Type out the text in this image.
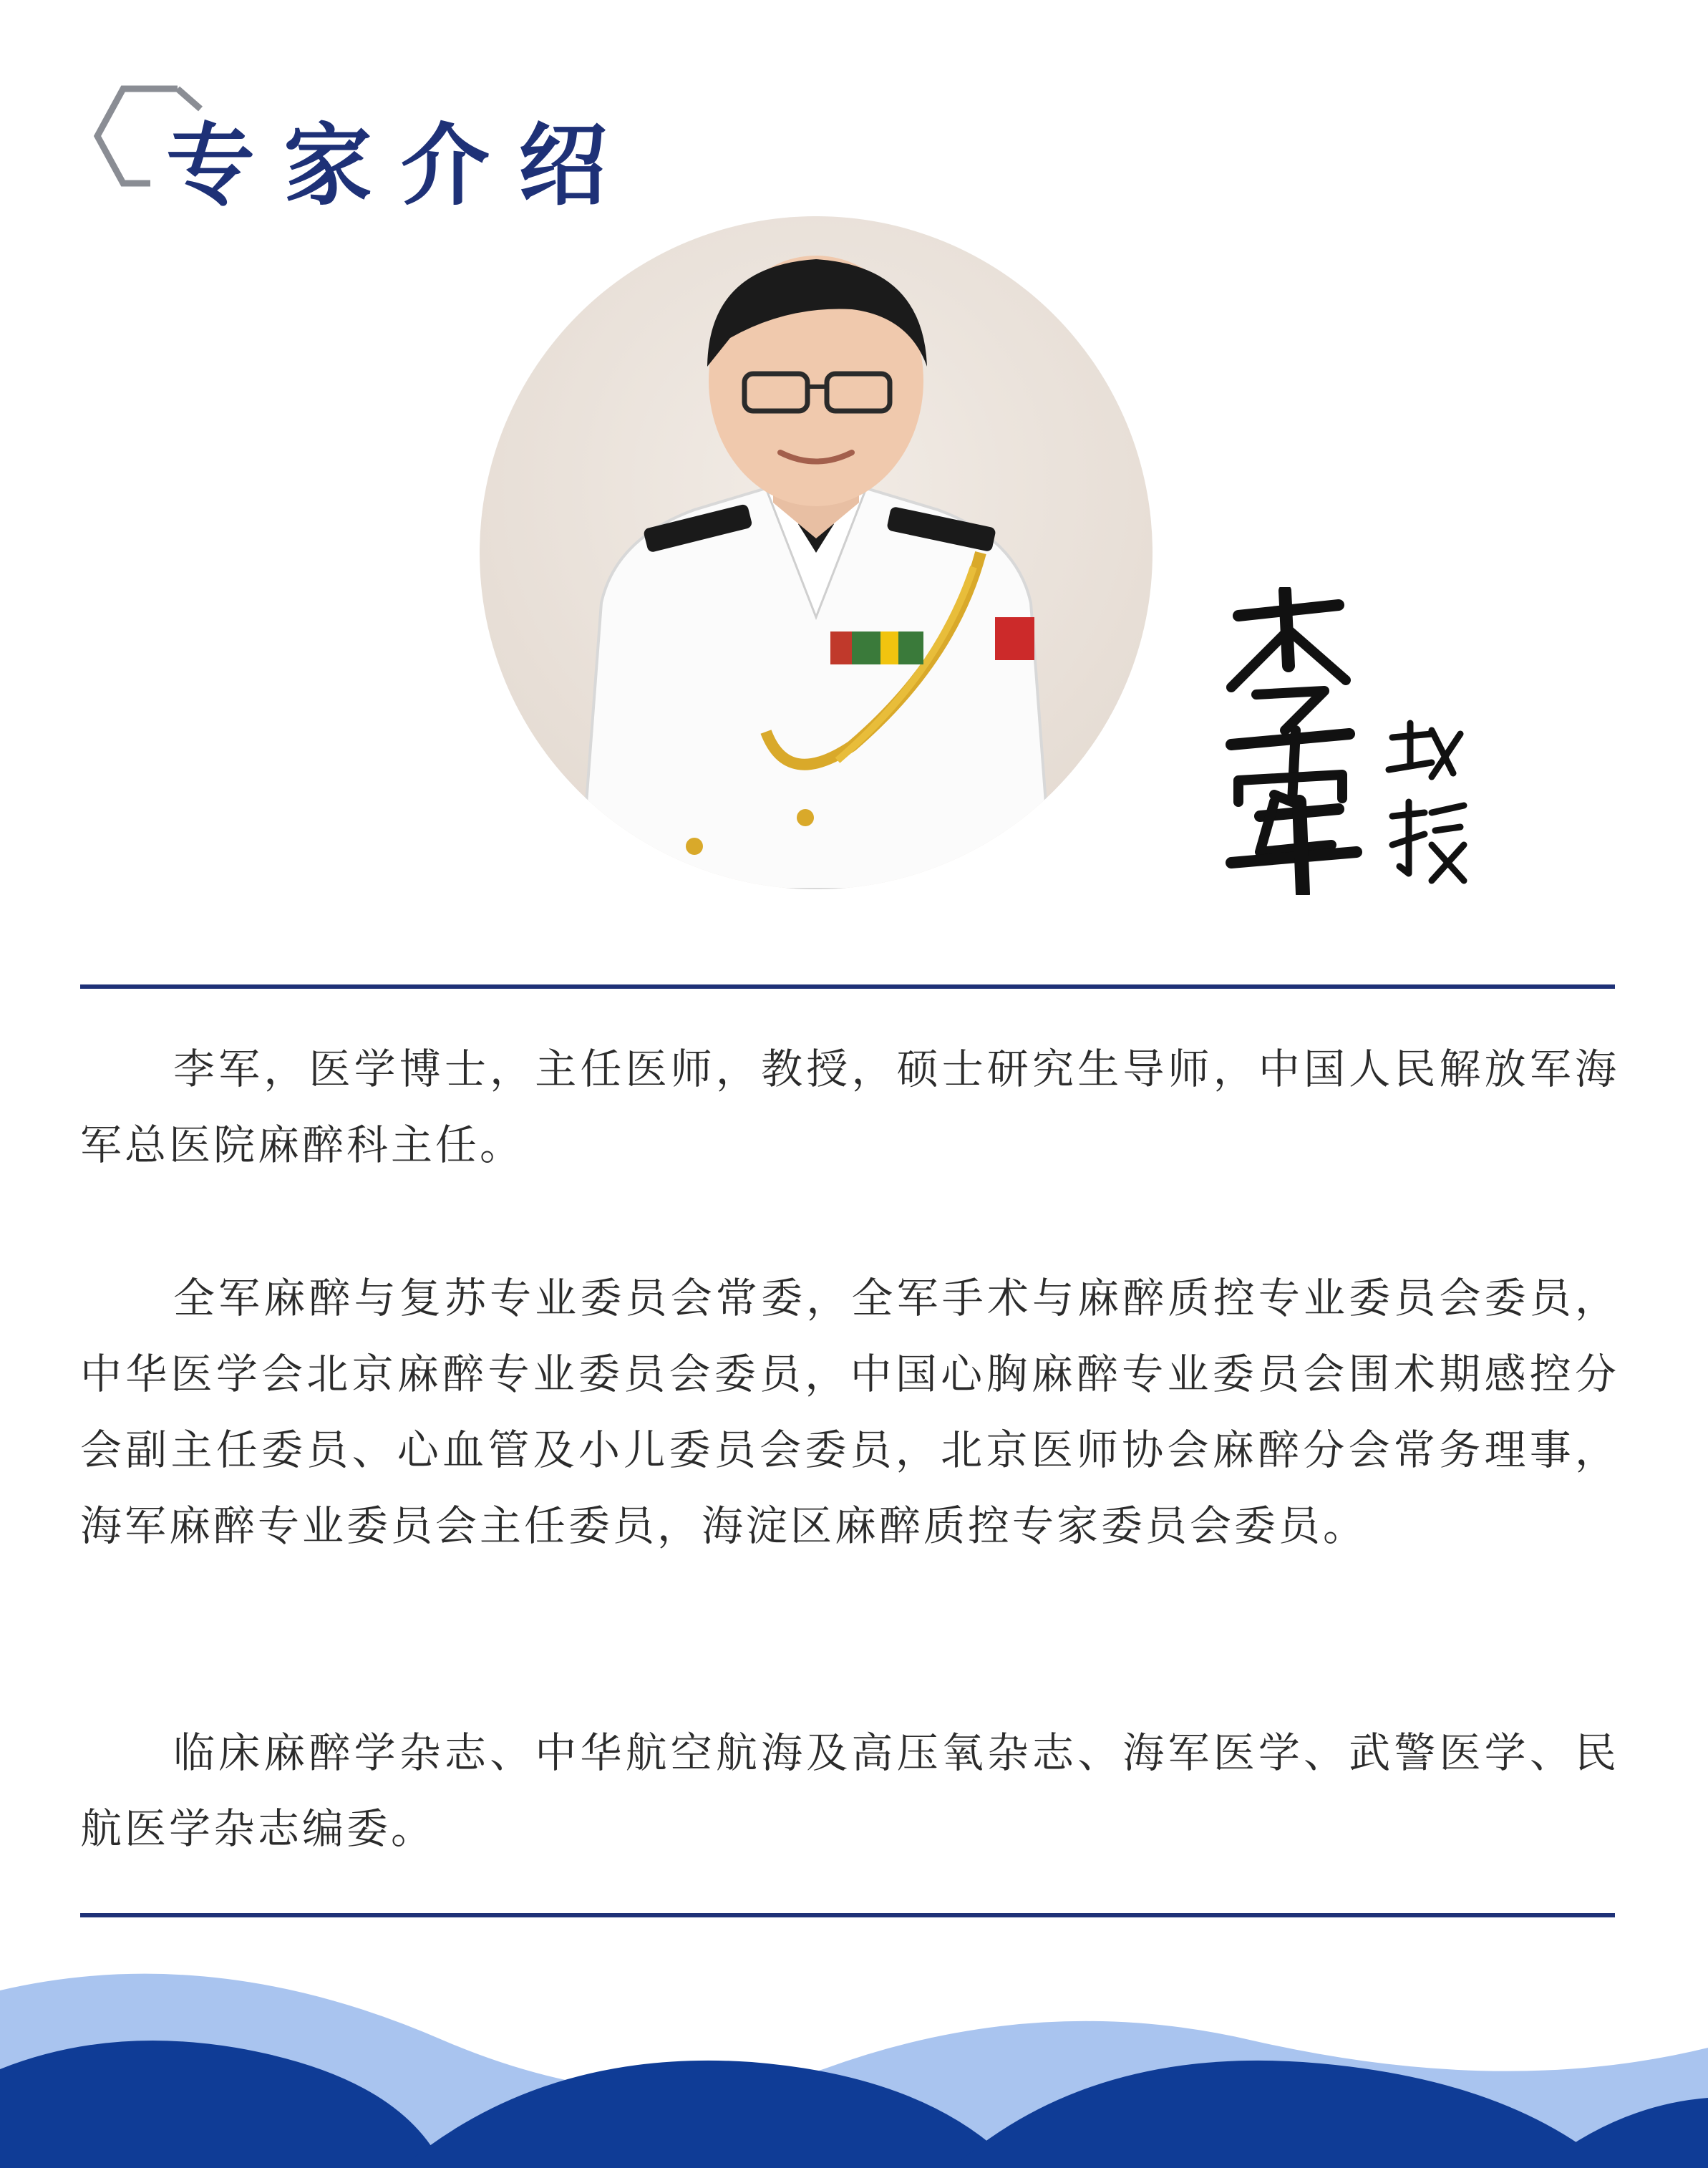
专家介绍

李军，医学博士，主任医师，教授，硕士研究生导师，中国人民解放军海军总医院麻醉科主任。

全军麻醉与复苏专业委员会常委，全军手术与麻醉质控专业委员会委员，中华医学会北京麻醉专业委员会委员，中国心胸麻醉专业委员会围术期感控分会副主任委员、心血管及小儿委员会委员，北京医师协会麻醉分会常务理事，海军麻醉专业委员会主任委员，海淀区麻醉质控专家委员会委员。

临床麻醉学杂志、中华航空航海及高压氧杂志、海军医学、武警医学、民航医学杂志编委。
